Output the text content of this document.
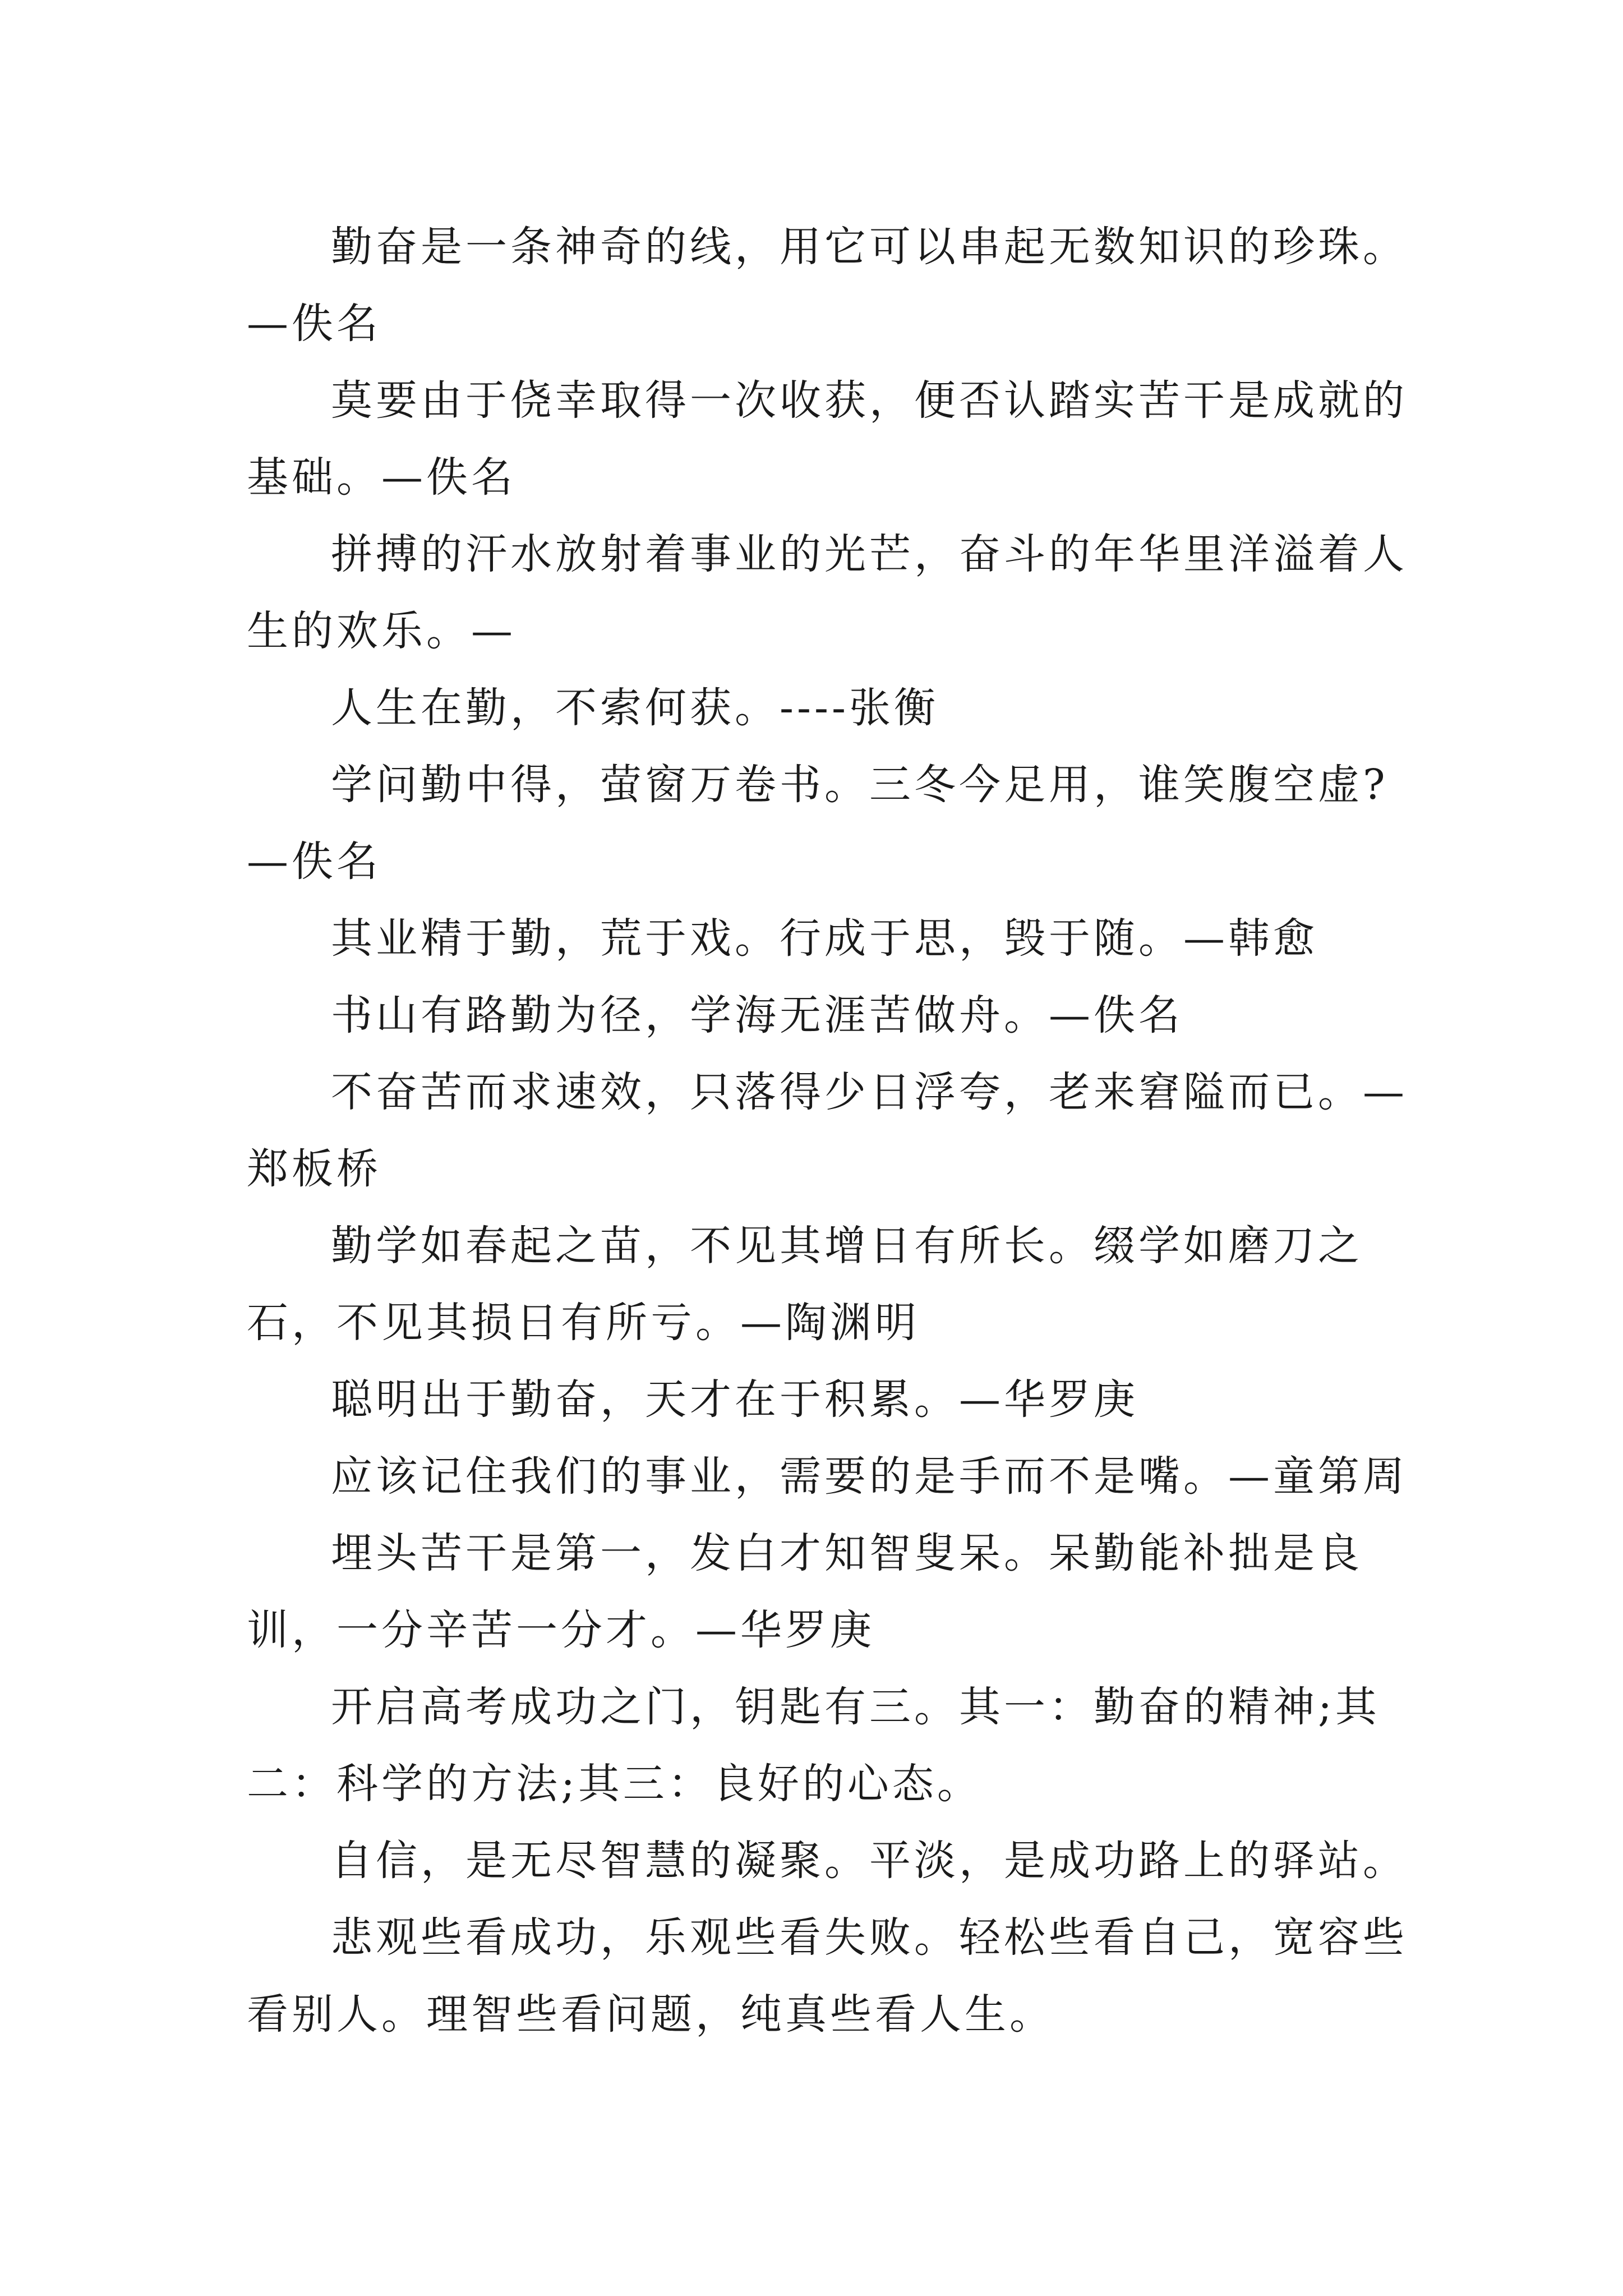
勤奋是一条神奇的线，用它可以串起无数知识的珍珠。—佚名

莫要由于侥幸取得一次收获，便否认踏实苦干是成就的基础。—佚名

拼搏的汗水放射着事业的光芒，奋斗的年华里洋溢着人生的欢乐。—

人生在勤，不索何获。----张衡

学问勤中得，萤窗万卷书。三冬今足用，谁笑腹空虚?—佚名

其业精于勤，荒于戏。行成于思，毁于随。—韩愈

书山有路勤为径，学海无涯苦做舟。—佚名

不奋苦而求速效，只落得少日浮夸，老来窘隘而已。—郑板桥

勤学如春起之苗，不见其增日有所长。缀学如磨刀之石，不见其损日有所亏。—陶渊明

聪明出于勤奋，天才在于积累。—华罗庚

应该记住我们的事业，需要的是手而不是嘴。—童第周

埋头苦干是第一，发白才知智叟呆。呆勤能补拙是良训，一分辛苦一分才。—华罗庚

开启高考成功之门，钥匙有三。其一：勤奋的精神;其二：科学的方法;其三：良好的心态。

自信，是无尽智慧的凝聚。平淡，是成功路上的驿站。

悲观些看成功，乐观些看失败。轻松些看自己，宽容些看别人。理智些看问题，纯真些看人生。
